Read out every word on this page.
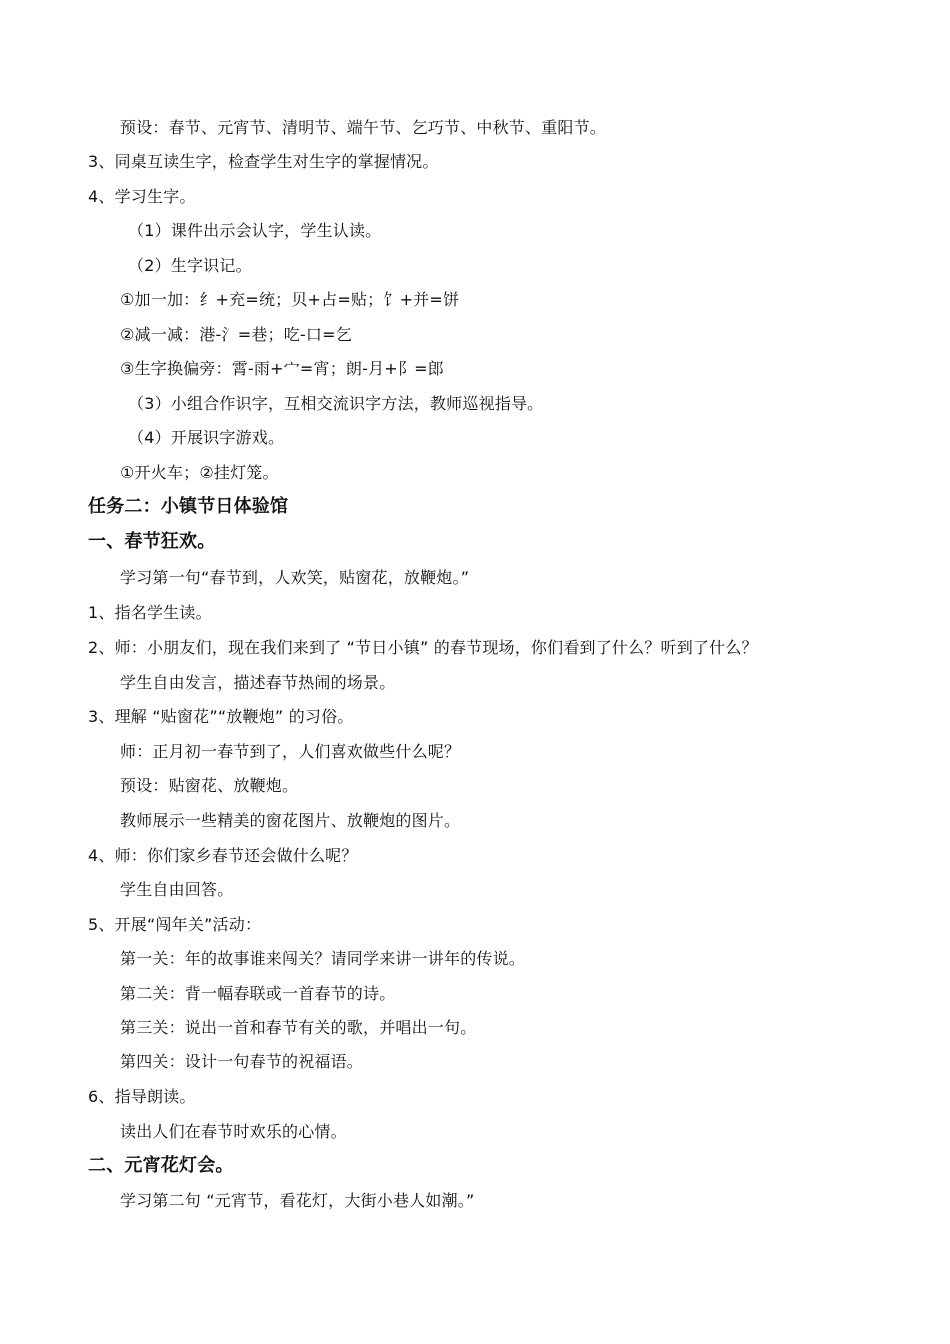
预设：春节、元宵节、清明节、端午节、乞巧节、中秋节、重阳节。
3、同桌互读生字，检查学生对生字的掌握情况。
4、学习生字。
（1）课件出示会认字，学生认读。
（2）生字识记。
①加一加：纟+充=统；贝+占=贴；饣+并=饼
②减一减：港-氵=巷；吃-口=乞
③生字换偏旁：霄-雨+宀=宵；朗-月+阝=郎
（3）小组合作识字，互相交流识字方法，教师巡视指导。
（4）开展识字游戏。
①开火车；②挂灯笼。
任务二：小镇节日体验馆
一、春节狂欢。
学习第一句“春节到，人欢笑，贴窗花，放鞭炮。”
1、指名学生读。
2、师：小朋友们，现在我们来到了 “节日小镇” 的春节现场，你们看到了什么？听到了什么？
学生自由发言，描述春节热闹的场景。
3、理解 “贴窗花”“放鞭炮” 的习俗。
师：正月初一春节到了，人们喜欢做些什么呢？
预设：贴窗花、放鞭炮。
教师展示一些精美的窗花图片、放鞭炮的图片。
4、师：你们家乡春节还会做什么呢？
学生自由回答。
5、开展“闯年关”活动：
第一关：年的故事谁来闯关？请同学来讲一讲年的传说。
第二关：背一幅春联或一首春节的诗。
第三关：说出一首和春节有关的歌，并唱出一句。
第四关：设计一句春节的祝福语。
6、指导朗读。
读出人们在春节时欢乐的心情。
二、元宵花灯会。
学习第二句 “元宵节，看花灯，大街小巷人如潮。”
